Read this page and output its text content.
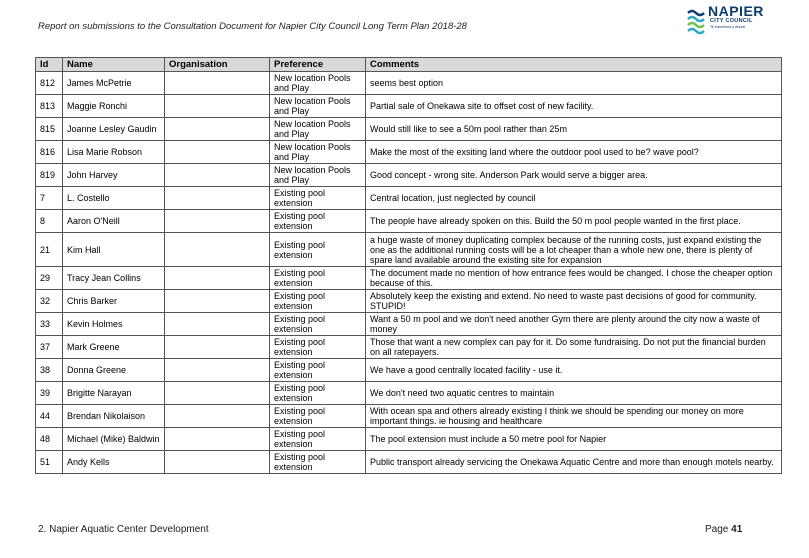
Report on submissions to the Consultation Document for Napier City Council Long Term Plan 2018-28
NAPIER
CITY COUNCIL
Te Kaunihera o Ahuriri
Id	Name	Organisation	Preference	Comments
812	James McPetrie		New location Pools and Play	seems best option
813	Maggie Ronchi		New location Pools and Play	Partial sale of Onekawa site to offset cost of new facility.
815	Joanne Lesley Gaudin		New location Pools and Play	Would still like to see a 50m pool rather than 25m
816	Lisa Marie Robson		New location Pools and Play	Make the most of the exsiting land where the outdoor pool used to be? wave pool?
819	John Harvey		New location Pools and Play	Good concept - wrong site. Anderson Park would serve a bigger area.
7	L. Costello		Existing pool extension	Central location, just neglected by council
8	Aaron O'Neill		Existing pool extension	The people have already spoken on this. Build the 50 m pool people wanted in the first place.
21	Kim Hall		Existing pool extension	a huge waste of money duplicating complex because of the running costs, just expand existing the one as the additional running costs will be a lot cheaper than a whole new one, there is plenty of spare land available around the existing site for expansion
29	Tracy Jean Collins		Existing pool extension	The document made no mention of how entrance fees would be changed. I chose the cheaper option because of this.
32	Chris Barker		Existing pool extension	Absolutely keep the existing and extend. No need to waste past decisions of good for community. STUPID!
33	Kevin Holmes		Existing pool extension	Want a 50 m pool and we don't need another Gym there are plenty around the city now a waste of money
37	Mark Greene		Existing pool extension	Those that want a new complex can pay for it. Do some fundraising. Do not put the financial burden on all ratepayers.
38	Donna Greene		Existing pool extension	We have a good centrally located facility - use it.
39	Brigitte Narayan		Existing pool extension	We don't need two aquatic centres to maintain
44	Brendan Nikolaison		Existing pool extension	With ocean spa and others already existing I think we should be spending our money on more important things. ie housing and healthcare
48	Michael (Mike) Baldwin		Existing pool extension	The pool extension must include a 50 metre pool for Napier
51	Andy Kells		Existing pool extension	Public transport already servicing the Onekawa Aquatic Centre and more than enough motels nearby.
2. Napier Aquatic Center Development	Page 41
